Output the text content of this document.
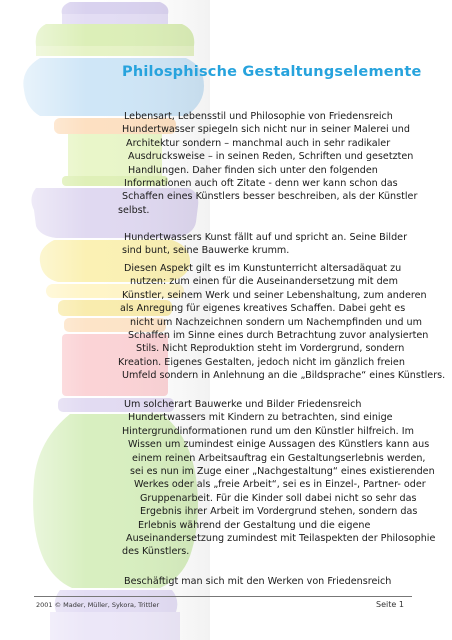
Philosphische Gestaltungselemente
Lebensart, Lebensstil und Philosophie von Friedensreich
Hundertwasser spiegeln sich nicht nur in seiner Malerei und
Architektur sondern – manchmal auch in sehr radikaler
Ausdrucksweise – in seinen Reden, Schriften und gesetzten
Handlungen. Daher finden sich unter den folgenden
Informationen auch oft Zitate - denn wer kann schon das
Schaffen eines Künstlers besser beschreiben, als der Künstler
selbst.
Hundertwassers Kunst fällt auf und spricht an. Seine Bilder
sind bunt, seine Bauwerke krumm.
Diesen Aspekt gilt es im Kunstunterricht altersadäquat zu
nutzen: zum einen für die Auseinandersetzung mit dem
Künstler, seinem Werk und seiner Lebenshaltung, zum anderen
als Anregung für eigenes kreatives Schaffen. Dabei geht es
nicht um Nachzeichnen sondern um Nachempfinden und um
Schaffen im Sinne eines durch Betrachtung zuvor analysierten
Stils. Nicht Reproduktion steht im Vordergrund, sondern
Kreation. Eigenes Gestalten, jedoch nicht im gänzlich freien
Umfeld sondern in Anlehnung an die „Bildsprache“ eines Künstlers.
Um solcherart Bauwerke und Bilder Friedensreich
Hundertwassers mit Kindern zu betrachten, sind einige
Hintergrundinformationen rund um den Künstler hilfreich. Im
Wissen um zumindest einige Aussagen des Künstlers kann aus
einem reinen Arbeitsauftrag ein Gestaltungserlebnis werden,
sei es nun im Zuge einer „Nachgestaltung“ eines existierenden
Werkes oder als „freie Arbeit“, sei es in Einzel-, Partner- oder
Gruppenarbeit. Für die Kinder soll dabei nicht so sehr das
Ergebnis ihrer Arbeit im Vordergrund stehen, sondern das
Erlebnis während der Gestaltung und die eigene
Auseinandersetzung zumindest mit Teilaspekten der Philosophie
des Künstlers.
Beschäftigt man sich mit den Werken von Friedensreich
2001 © Mader, Müller, Sykora, Trittler	Seite 1
